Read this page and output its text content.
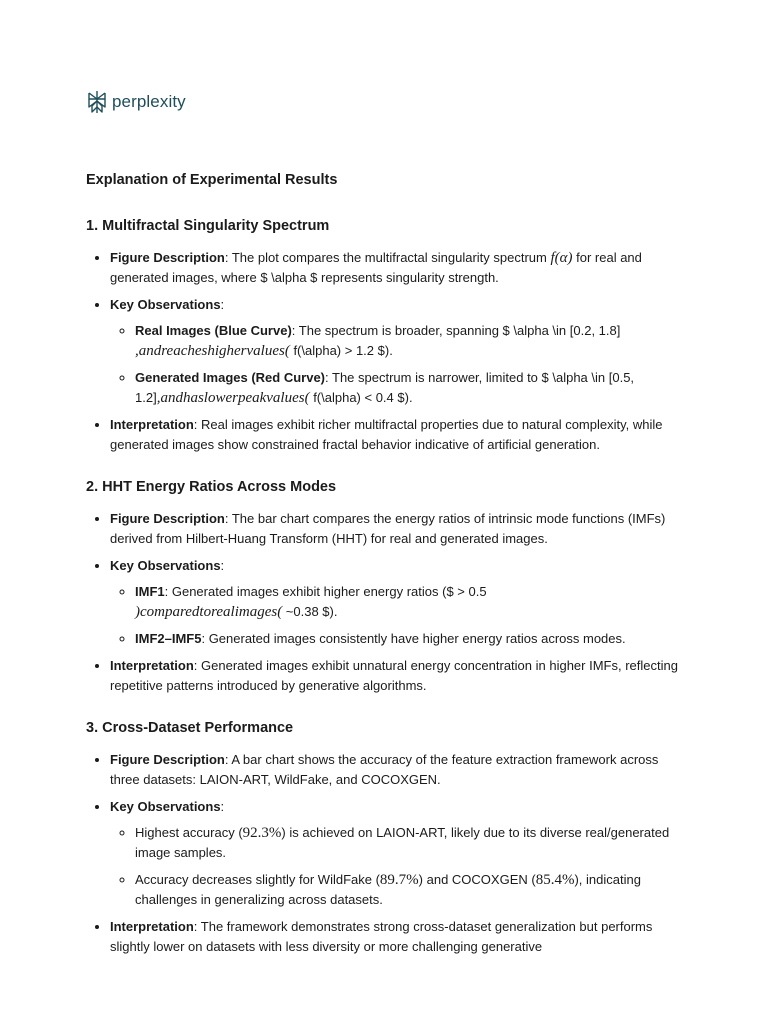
perplexity
Explanation of Experimental Results
1. Multifractal Singularity Spectrum
• Figure Description: The plot compares the multifractal singularity spectrum f(α) for real and generated images, where $ \alpha $ represents singularity strength.
• Key Observations:
◦ Real Images (Blue Curve): The spectrum is broader, spanning $ \alpha \in [0.2, 1.8]
,andreacheshighervalues( f(\alpha) > 1.2 $).
◦ Generated Images (Red Curve): The spectrum is narrower, limited to $ \alpha \in [0.5, 1.2],andhaslowerpeakvalues( f(\alpha) < 0.4 $).
• Interpretation: Real images exhibit richer multifractal properties due to natural complexity, while generated images show constrained fractal behavior indicative of artificial generation.
2. HHT Energy Ratios Across Modes
• Figure Description: The bar chart compares the energy ratios of intrinsic mode functions (IMFs) derived from Hilbert-Huang Transform (HHT) for real and generated images.
• Key Observations:
◦ IMF1: Generated images exhibit higher energy ratios ($ > 0.5
)comparedtorealimages( ~0.38 $).
◦ IMF2–IMF5: Generated images consistently have higher energy ratios across modes.
• Interpretation: Generated images exhibit unnatural energy concentration in higher IMFs, reflecting repetitive patterns introduced by generative algorithms.
3. Cross-Dataset Performance
• Figure Description: A bar chart shows the accuracy of the feature extraction framework across three datasets: LAION-ART, WildFake, and COCOXGEN.
• Key Observations:
◦ Highest accuracy (92.3%) is achieved on LAION-ART, likely due to its diverse real/generated image samples.
◦ Accuracy decreases slightly for WildFake (89.7%) and COCOXGEN (85.4%), indicating challenges in generalizing across datasets.
• Interpretation: The framework demonstrates strong cross-dataset generalization but performs slightly lower on datasets with less diversity or more challenging generative
